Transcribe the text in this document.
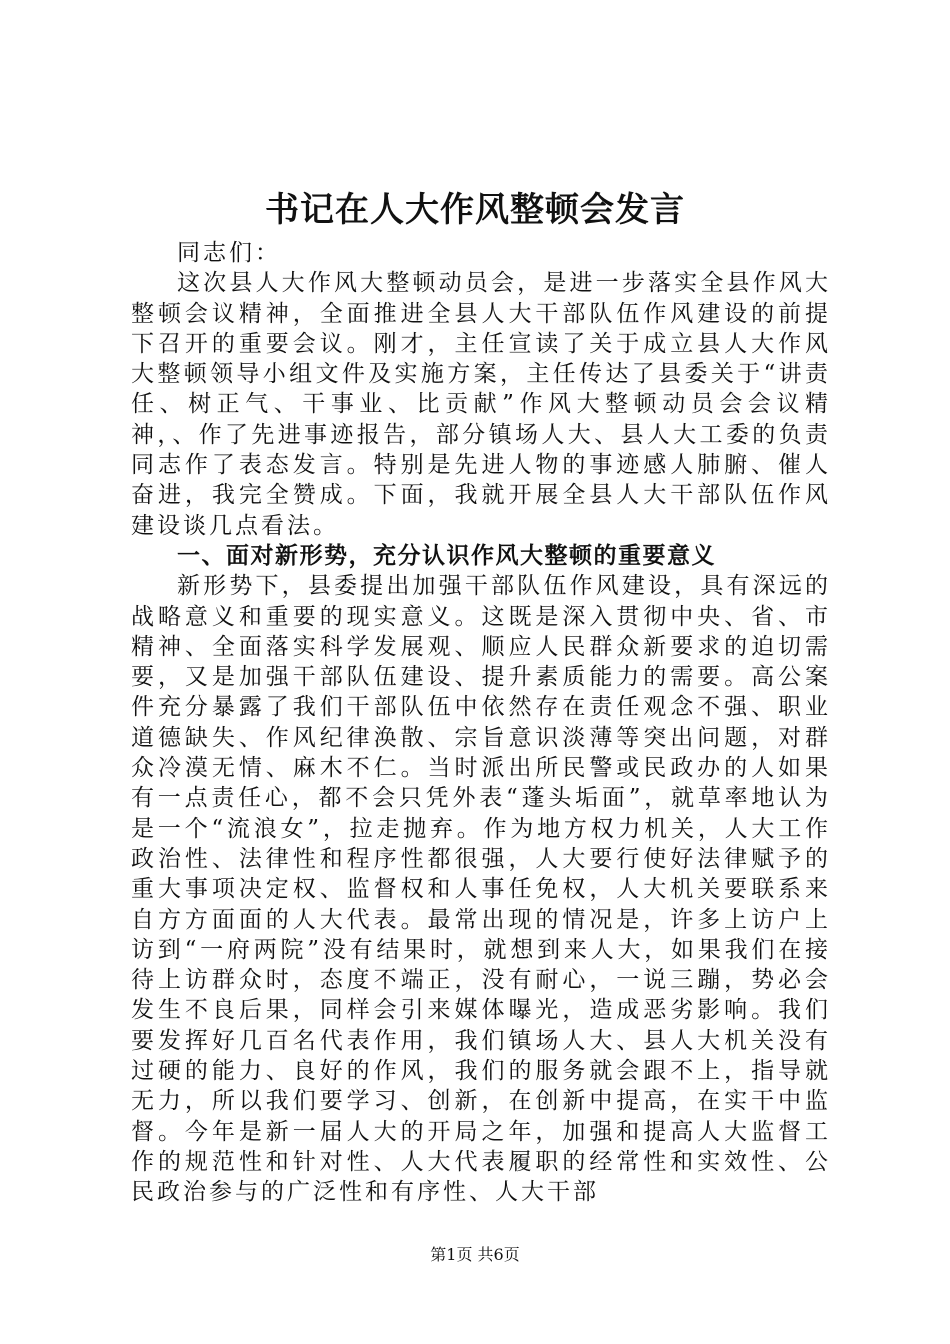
书记在人大作风整顿会发言

同志们：

这次县人大作风大整顿动员会，是进一步落实全县作风大整顿会议精神，全面推进全县人大干部队伍作风建设的前提下召开的重要会议。刚才，主任宣读了关于成立县人大作风大整顿领导小组文件及实施方案，主任传达了县委关于“讲责任、树正气、干事业、比贡献”作风大整顿动员会会议精神，、作了先进事迹报告，部分镇场人大、县人大工委的负责同志作了表态发言。特别是先进人物的事迹感人肺腑、催人奋进，我完全赞成。下面，我就开展全县人大干部队伍作风建设谈几点看法。

一、面对新形势，充分认识作风大整顿的重要意义

新形势下，县委提出加强干部队伍作风建设，具有深远的战略意义和重要的现实意义。这既是深入贯彻中央、省、市精神、全面落实科学发展观、顺应人民群众新要求的迫切需要，又是加强干部队伍建设、提升素质能力的需要。高公案件充分暴露了我们干部队伍中依然存在责任观念不强、职业道德缺失、作风纪律涣散、宗旨意识淡薄等突出问题，对群众冷漠无情、麻木不仁。当时派出所民警或民政办的人如果有一点责任心，都不会只凭外表“蓬头垢面”，就草率地认为是一个“流浪女”，拉走抛弃。作为地方权力机关，人大工作政治性、法律性和程序性都很强，人大要行使好法律赋予的重大事项决定权、监督权和人事任免权，人大机关要联系来自方方面面的人大代表。最常出现的情况是，许多上访户上访到“一府两院”没有结果时，就想到来人大，如果我们在接待上访群众时，态度不端正，没有耐心，一说三蹦，势必会发生不良后果，同样会引来媒体曝光，造成恶劣影响。我们要发挥好几百名代表作用，我们镇场人大、县人大机关没有过硬的能力、良好的作风，我们的服务就会跟不上，指导就无力，所以我们要学习、创新，在创新中提高，在实干中监督。今年是新一届人大的开局之年，加强和提高人大监督工作的规范性和针对性、人大代表履职的经常性和实效性、公民政治参与的广泛性和有序性、人大干部

第1页 共6页
